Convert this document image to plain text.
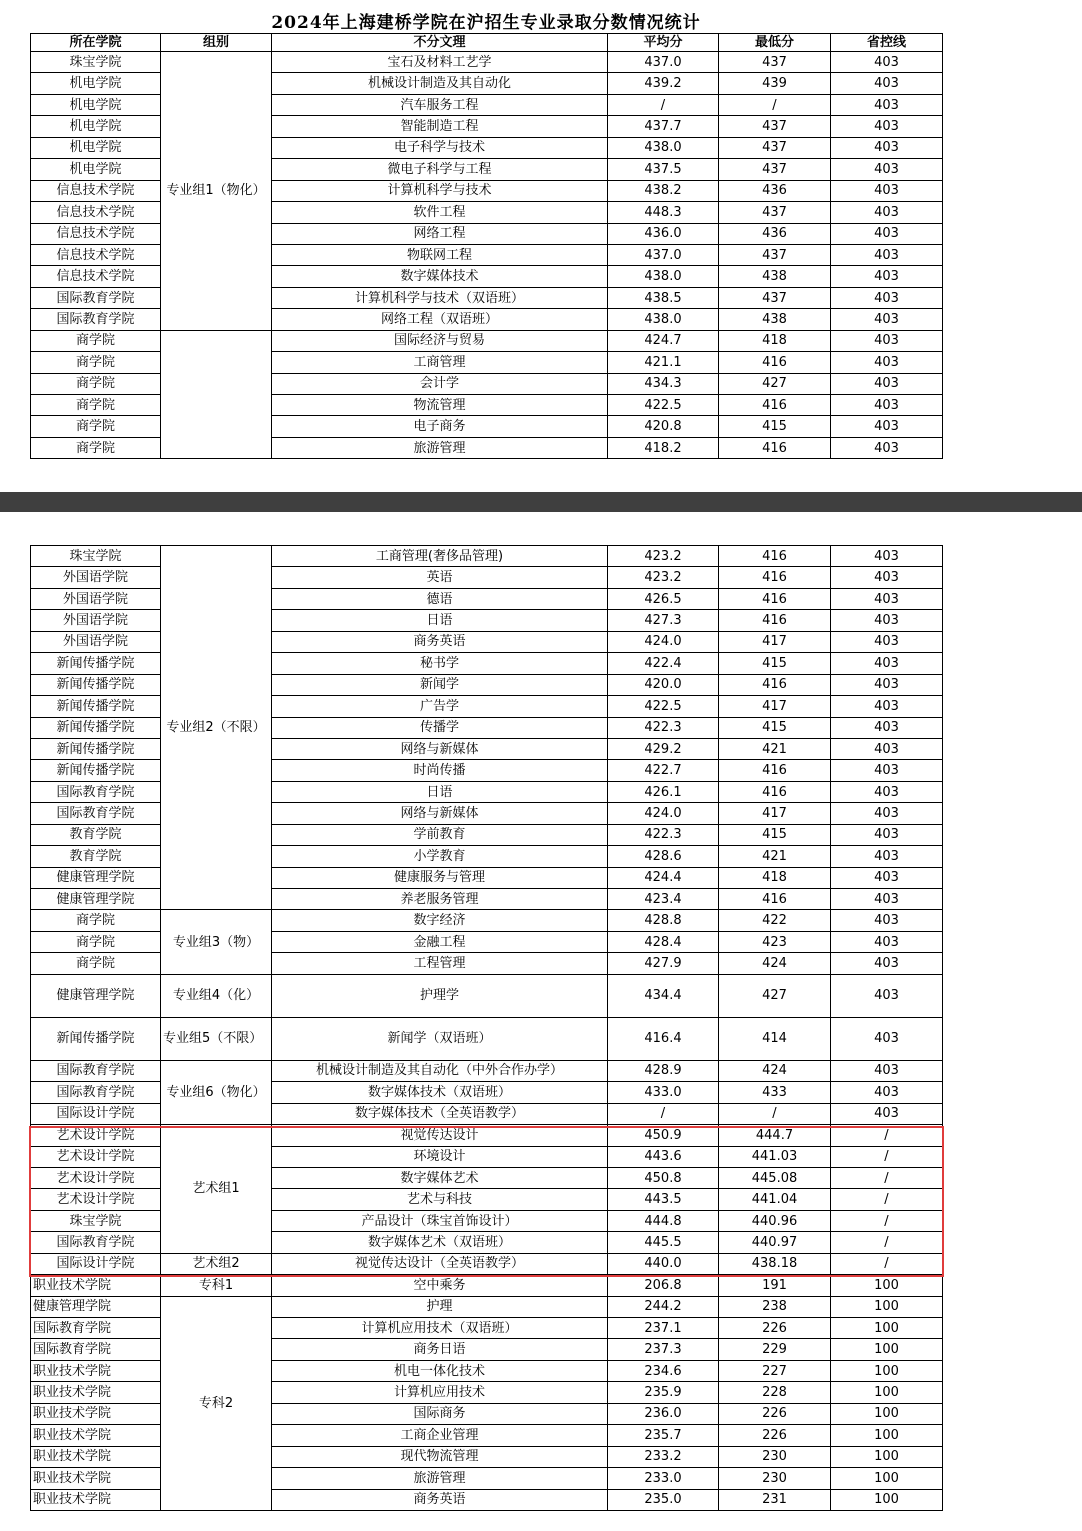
2024年上海建桥学院在沪招生专业录取分数情况统计
所在学院	组别	不分文理	平均分	最低分	省控线
珠宝学院	专业组1（物化）	宝石及材料工艺学	437.0	437	403
机电学院		机械设计制造及其自动化	439.2	439	403
机电学院		汽车服务工程	/	/	403
机电学院		智能制造工程	437.7	437	403
机电学院		电子科学与技术	438.0	437	403
机电学院		微电子科学与工程	437.5	437	403
信息技术学院		计算机科学与技术	438.2	436	403
信息技术学院		软件工程	448.3	437	403
信息技术学院		网络工程	436.0	436	403
信息技术学院		物联网工程	437.0	437	403
信息技术学院		数字媒体技术	438.0	438	403
国际教育学院		计算机科学与技术（双语班）	438.5	437	403
国际教育学院		网络工程（双语班）	438.0	438	403
商学院		国际经济与贸易	424.7	418	403
商学院		工商管理	421.1	416	403
商学院		会计学	434.3	427	403
商学院		物流管理	422.5	416	403
商学院		电子商务	420.8	415	403
商学院		旅游管理	418.2	416	403
珠宝学院	专业组2（不限）	工商管理(奢侈品管理)	423.2	416	403
外国语学院		英语	423.2	416	403
外国语学院		德语	426.5	416	403
外国语学院		日语	427.3	416	403
外国语学院		商务英语	424.0	417	403
新闻传播学院		秘书学	422.4	415	403
新闻传播学院		新闻学	420.0	416	403
新闻传播学院		广告学	422.5	417	403
新闻传播学院		传播学	422.3	415	403
新闻传播学院		网络与新媒体	429.2	421	403
新闻传播学院		时尚传播	422.7	416	403
国际教育学院		日语	426.1	416	403
国际教育学院		网络与新媒体	424.0	417	403
教育学院		学前教育	422.3	415	403
教育学院		小学教育	428.6	421	403
健康管理学院		健康服务与管理	424.4	418	403
健康管理学院		养老服务管理	423.4	416	403
商学院	专业组3（物）	数字经济	428.8	422	403
商学院		金融工程	428.4	423	403
商学院		工程管理	427.9	424	403
健康管理学院	专业组4（化）	护理学	434.4	427	403
新闻传播学院	专业组5（不限）	新闻学（双语班）	416.4	414	403
国际教育学院	专业组6（物化）	机械设计制造及其自动化（中外合作办学）	428.9	424	403
国际教育学院		数字媒体技术（双语班）	433.0	433	403
国际设计学院		数字媒体技术（全英语教学）	/	/	403
艺术设计学院	艺术组1	视觉传达设计	450.9	444.7	/
艺术设计学院		环境设计	443.6	441.03	/
艺术设计学院		数字媒体艺术	450.8	445.08	/
艺术设计学院		艺术与科技	443.5	441.04	/
珠宝学院		产品设计（珠宝首饰设计）	444.8	440.96	/
国际教育学院		数字媒体艺术（双语班）	445.5	440.97	/
国际设计学院	艺术组2	视觉传达设计（全英语教学）	440.0	438.18	/
职业技术学院	专科1	空中乘务	206.8	191	100
健康管理学院	专科2	护理	244.2	238	100
国际教育学院		计算机应用技术（双语班）	237.1	226	100
国际教育学院		商务日语	237.3	229	100
职业技术学院		机电一体化技术	234.6	227	100
职业技术学院		计算机应用技术	235.9	228	100
职业技术学院		国际商务	236.0	226	100
职业技术学院		工商企业管理	235.7	226	100
职业技术学院		现代物流管理	233.2	230	100
职业技术学院		旅游管理	233.0	230	100
职业技术学院		商务英语	235.0	231	100
